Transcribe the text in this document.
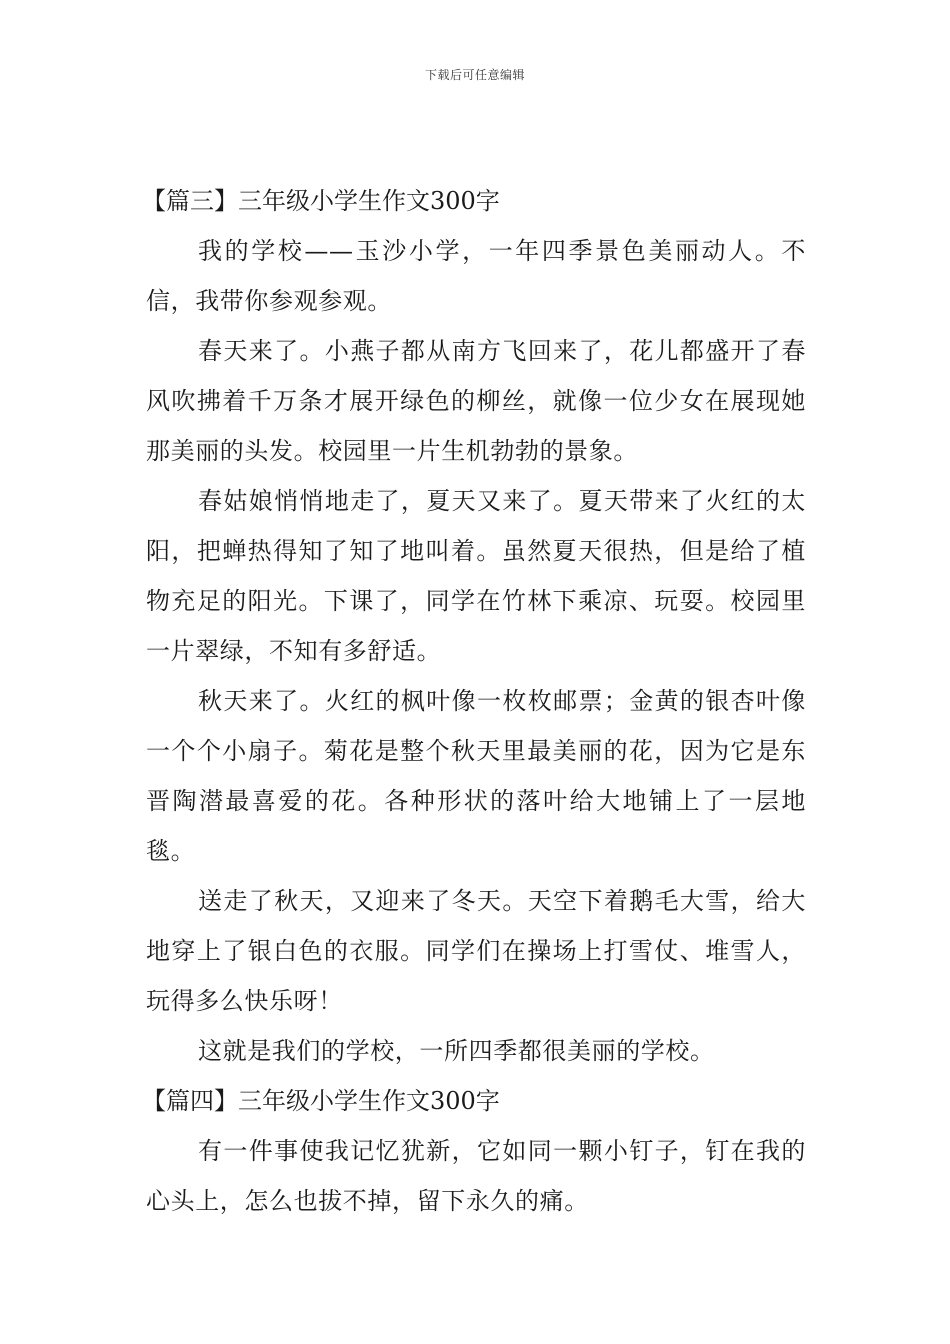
下载后可任意编辑
【篇三】三年级小学生作文300字

我的学校——玉沙小学，一年四季景色美丽动人。不信，我带你参观参观。

春天来了。小燕子都从南方飞回来了，花儿都盛开了春风吹拂着千万条才展开绿色的柳丝，就像一位少女在展现她那美丽的头发。校园里一片生机勃勃的景象。

春姑娘悄悄地走了，夏天又来了。夏天带来了火红的太阳，把蝉热得知了知了地叫着。虽然夏天很热，但是给了植物充足的阳光。下课了，同学在竹林下乘凉、玩耍。校园里一片翠绿，不知有多舒适。

秋天来了。火红的枫叶像一枚枚邮票；金黄的银杏叶像一个个小扇子。菊花是整个秋天里最美丽的花，因为它是东晋陶潜最喜爱的花。各种形状的落叶给大地铺上了一层地毯。

送走了秋天，又迎来了冬天。天空下着鹅毛大雪，给大地穿上了银白色的衣服。同学们在操场上打雪仗、堆雪人，玩得多么快乐呀！

这就是我们的学校，一所四季都很美丽的学校。

【篇四】三年级小学生作文300字

有一件事使我记忆犹新，它如同一颗小钉子，钉在我的心头上，怎么也拔不掉，留下永久的痛。
